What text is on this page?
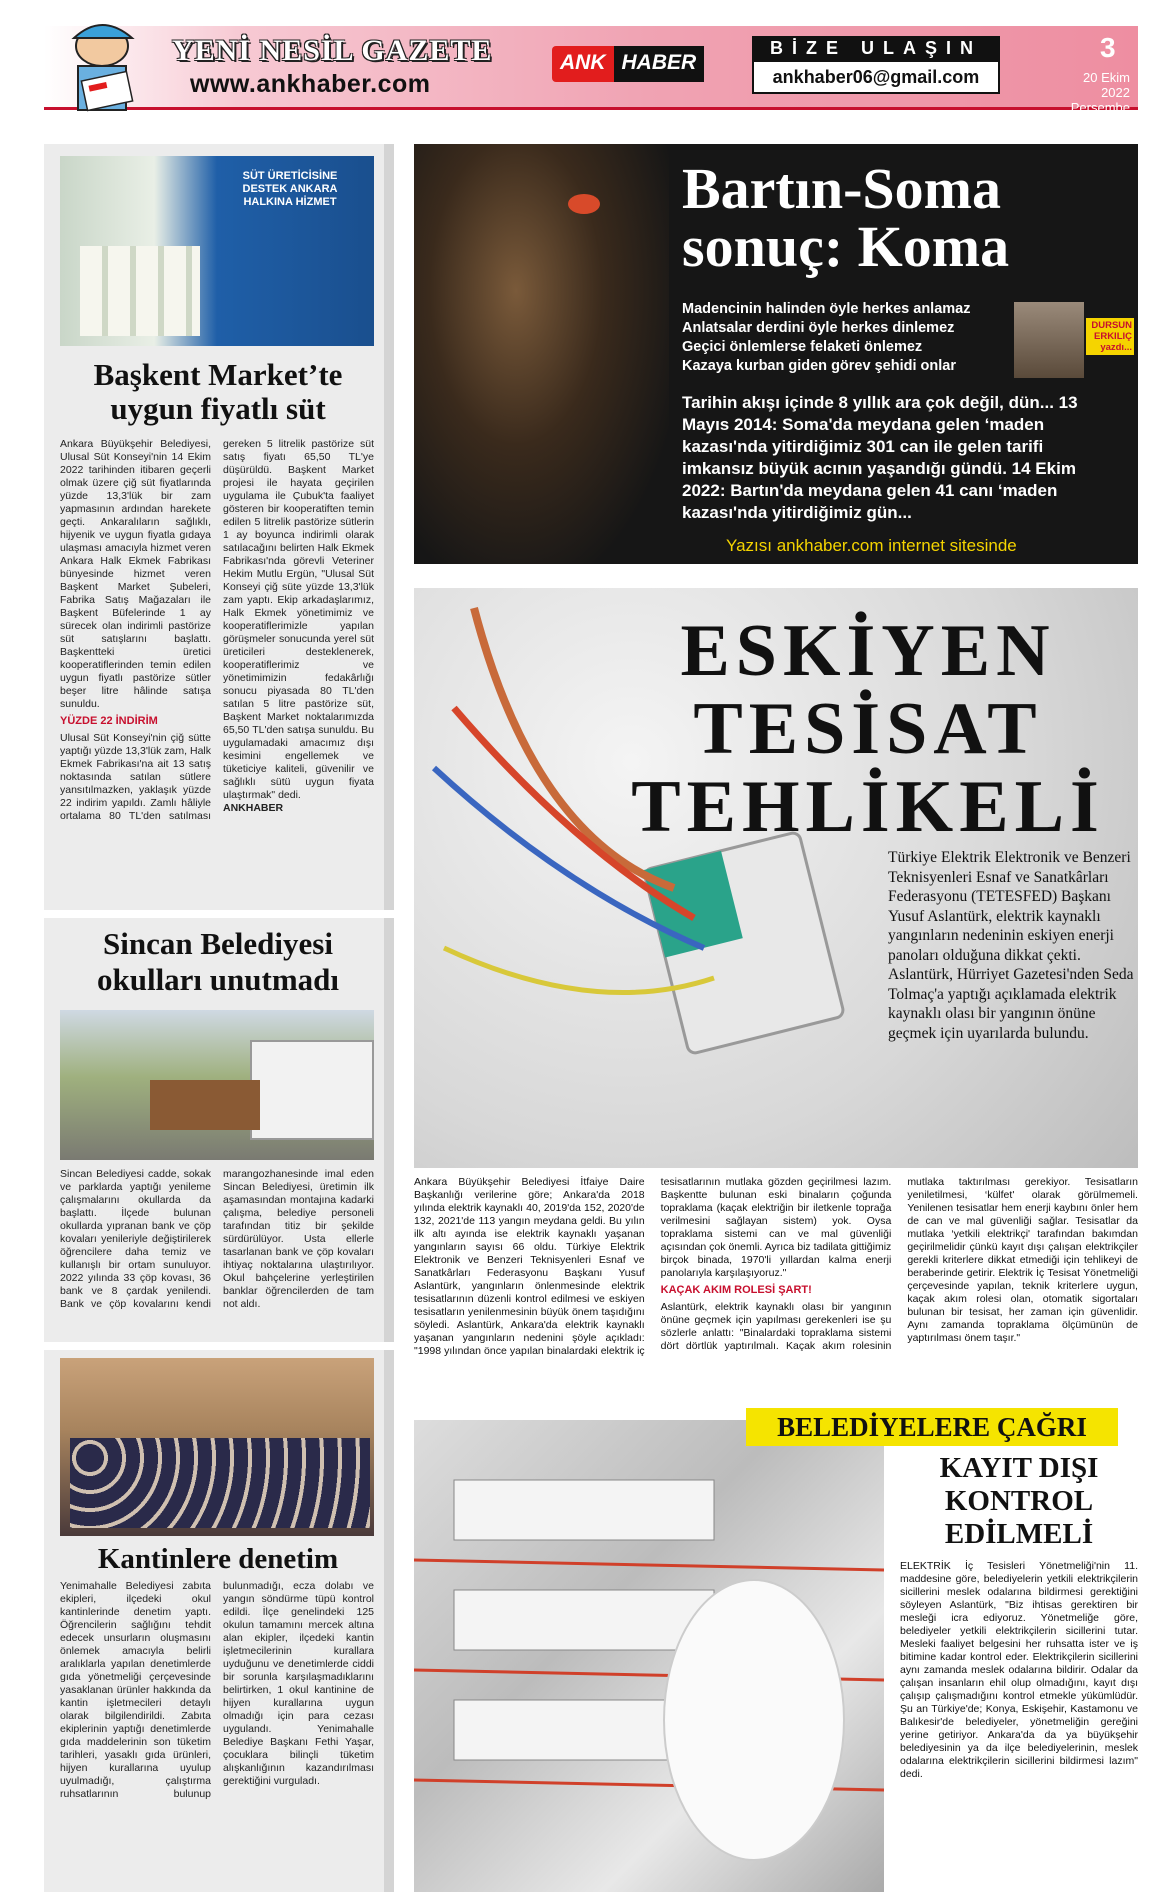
YENİ NESİL GAZETE
www.ankhaber.com
ANK HABER
BİZE ULAŞIN
ankhaber06@gmail.com
3
20 Ekim 2022
Perşembe
SÜT ÜRETİCİSİNE DESTEK ANKARA HALKINA HİZMET
Başkent Market’te uygun fiyatlı süt

Ankara Büyükşehir Belediyesi, Ulusal Süt Konseyi'nin 14 Ekim 2022 tarihinden itibaren geçerli olmak üzere çiğ süt fiyatlarında yüzde 13,3'lük bir zam yapmasının ardından harekete geçti. Ankaralıların sağlıklı, hijyenik ve uygun fiyatla gıdaya ulaşması amacıyla hizmet veren Ankara Halk Ekmek Fabrikası bünyesinde hizmet veren Başkent Market Şubeleri, Fabrika Satış Mağazaları ile Başkent Büfelerinde 1 ay sürecek olan indirimli pastörize süt satışlarını başlattı. Başkentteki üretici kooperatiflerinden temin edilen uygun fiyatlı pastörize sütler beşer litre hâlinde satışa sunuldu.

YÜZDE 22 İNDİRİM

Ulusal Süt Konseyi'nin çiğ sütte yaptığı yüzde 13,3'lük zam, Halk Ekmek Fabrikası'na ait 13 satış noktasında satılan sütlere yansıtılmazken, yaklaşık yüzde 22 indirim yapıldı. Zamlı hâliyle ortalama 80 TL'den satılması gereken 5 litrelik pastörize süt satış fiyatı 65,50 TL'ye düşürüldü. Başkent Market projesi ile hayata geçirilen uygulama ile Çubuk'ta faaliyet gösteren bir kooperatiften temin edilen 5 litrelik pastörize sütlerin 1 ay boyunca indirimli olarak satılacağını belirten Halk Ekmek Fabrikası'nda görevli Veteriner Hekim Mutlu Ergün, "Ulusal Süt Konseyi çiğ süte yüzde 13,3'lük zam yaptı. Ekip arkadaşlarımız, Halk Ekmek yönetimimiz ve kooperatiflerimizle yapılan görüşmeler sonucunda yerel süt üreticileri desteklenerek, kooperatiflerimiz ve yönetimimizin fedakârlığı sonucu piyasada 80 TL'den satılan 5 litre pastörize süt, Başkent Market noktalarımızda 65,50 TL'den satışa sunuldu. Bu uygulamadaki amacımız dışı kesimini engellemek ve tüketiciye kaliteli, güvenilir ve sağlıklı sütü uygun fiyata ulaştırmak" dedi.

ANKHABER
Sincan Belediyesi okulları unutmadı

Sincan Belediyesi cadde, sokak ve parklarda yaptığı yenileme çalışmalarını okullarda da başlattı. İlçede bulunan okullarda yıpranan bank ve çöp kovaları yenileriyle değiştirilerek öğrencilere daha temiz ve kullanışlı bir ortam sunuluyor. 2022 yılında 33 çöp kovası, 36 bank ve 8 çardak yenilendi. Bank ve çöp kovalarını kendi marangozhanesinde imal eden Sincan Belediyesi, üretimin ilk aşamasından montajına kadarki çalışma, belediye personeli tarafından titiz bir şekilde sürdürülüyor. Usta ellerle tasarlanan bank ve çöp kovaları ihtiyaç noktalarına ulaştırılıyor. Okul bahçelerine yerleştirilen banklar öğrencilerden de tam not aldı.

Kantinlere denetim

Yenimahalle Belediyesi zabıta ekipleri, ilçedeki okul kantinlerinde denetim yaptı. Öğrencilerin sağlığını tehdit edecek unsurların oluşmasını önlemek amacıyla belirli aralıklarla yapılan denetimlerde gıda yönetmeliği çerçevesinde yasaklanan ürünler hakkında da kantin işletmecileri detaylı olarak bilgilendirildi. Zabıta ekiplerinin yaptığı denetimlerde gıda maddelerinin son tüketim tarihleri, yasaklı gıda ürünleri, hijyen kurallarına uyulup uyulmadığı, çalıştırma ruhsatlarının bulunup bulunmadığı, ecza dolabı ve yangın söndürme tüpü kontrol edildi. İlçe genelindeki 125 okulun tamamını mercek altına alan ekipler, ilçedeki kantin işletmecilerinin kurallara uyduğunu ve denetimlerde ciddi bir sorunla karşılaşmadıklarını belirtirken, 1 okul kantinine de hijyen kurallarına uygun olmadığı için para cezası uygulandı. Yenimahalle Belediye Başkanı Fethi Yaşar, çocuklara bilinçli tüketim alışkanlığının kazandırılması gerektiğini vurguladı.

Bartın-Soma
sonuç: Koma
Madencinin halinden öyle herkes anlamaz
Anlatsalar derdini öyle herkes dinlemez
Geçici önlemlerse felaketi önlemez
Kazaya kurban giden görev şehidi onlar
DURSUN ERKILIÇ yazdı...
Tarihin akışı içinde 8 yıllık ara çok değil, dün... 13 Mayıs 2014: Soma'da meydana gelen ‘maden kazası'nda yitirdiğimiz 301 can ile gelen tarifi imkansız büyük acının yaşandığı gündü. 14 Ekim 2022: Bartın'da meydana gelen 41 canı ‘maden kazası'nda yitirdiğimiz gün...
Yazısı ankhaber.com internet sitesinde
ESKİYEN
TESİSAT
TEHLİKELİ
Türkiye Elektrik Elektronik ve Benzeri Teknisyenleri Esnaf ve Sanatkârları Federasyonu (TETESFED) Başkanı Yusuf Aslantürk, elektrik kaynaklı yangınların nedeninin eskiyen enerji panoları olduğuna dikkat çekti. Aslantürk, Hürriyet Gazetesi'nden Seda Tolmaç'a yaptığı açıklamada elektrik kaynaklı olası bir yangının önüne geçmek için uyarılarda bulundu.

Ankara Büyükşehir Belediyesi İtfaiye Daire Başkanlığı verilerine göre; Ankara'da 2018 yılında elektrik kaynaklı 40, 2019'da 152, 2020'de 132, 2021'de 113 yangın meydana geldi. Bu yılın ilk altı ayında ise elektrik kaynaklı yaşanan yangınların sayısı 66 oldu. Türkiye Elektrik Elektronik ve Benzeri Teknisyenleri Esnaf ve Sanatkârları Federasyonu Başkanı Yusuf Aslantürk, yangınların önlenmesinde elektrik tesisatlarının düzenli kontrol edilmesi ve eskiyen tesisatların yenilenmesinin büyük önem taşıdığını söyledi. Aslantürk, Ankara'da elektrik kaynaklı yaşanan yangınların nedenini şöyle açıkladı: "1998 yılından önce yapılan binalardaki elektrik iç tesisatlarının mutlaka gözden geçirilmesi lazım. Başkentte bulunan eski binaların çoğunda topraklama (kaçak elektriğin bir iletkenle toprağa verilmesini sağlayan sistem) yok. Oysa topraklama sistemi can ve mal güvenliği açısından çok önemli. Ayrıca biz tadilata gittiğimiz birçok binada, 1970'li yıllardan kalma enerji panolarıyla karşılaşıyoruz."

KAÇAK AKIM ROLESİ ŞART!

Aslantürk, elektrik kaynaklı olası bir yangının önüne geçmek için yapılması gerekenleri ise şu sözlerle anlattı: "Binalardaki topraklama sistemi dört dörtlük yaptırılmalı. Kaçak akım rolesinin mutlaka taktırılması gerekiyor. Tesisatların yeniletilmesi, ‘külfet' olarak görülmemeli. Yenilenen tesisatlar hem enerji kaybını önler hem de can ve mal güvenliği sağlar. Tesisatlar da mutlaka ‘yetkili elektrikçi' tarafından bakımdan geçirilmelidir çünkü kayıt dışı çalışan elektrikçiler gerekli kriterlere dikkat etmediği için tehlikeyi de beraberinde getirir. Elektrik İç Tesisat Yönetmeliği çerçevesinde yapılan, teknik kriterlere uygun, kaçak akım rolesi olan, otomatik sigortaları bulunan bir tesisat, her zaman için güvenlidir. Aynı zamanda topraklama ölçümünün de yaptırılması önem taşır."

BELEDİYELERE ÇAĞRI
KAYIT DIŞI KONTROL EDİLMELİ
ELEKTRİK İç Tesisleri Yönetmeliği'nin 11. maddesine göre, belediyelerin yetkili elektrikçilerin sicillerini meslek odalarına bildirmesi gerektiğini söyleyen Aslantürk, "Biz ihtisas gerektiren bir mesleği icra ediyoruz. Yönetmeliğe göre, belediyeler yetkili elektrikçilerin sicillerini tutar. Mesleki faaliyet belgesini her ruhsatta ister ve iş bitimine kadar kontrol eder. Elektrikçilerin sicillerini aynı zamanda meslek odalarına bildirir. Odalar da çalışan insanların ehil olup olmadığını, kayıt dışı çalışıp çalışmadığını kontrol etmekle yükümlüdür. Şu an Türkiye'de; Konya, Eskişehir, Kastamonu ve Balıkesir'de belediyeler, yönetmeliğin gereğini yerine getiriyor. Ankara'da da ya büyükşehir belediyesinin ya da ilçe belediyelerinin, meslek odalarına elektrikçilerin sicillerini bildirmesi lazım" dedi.
